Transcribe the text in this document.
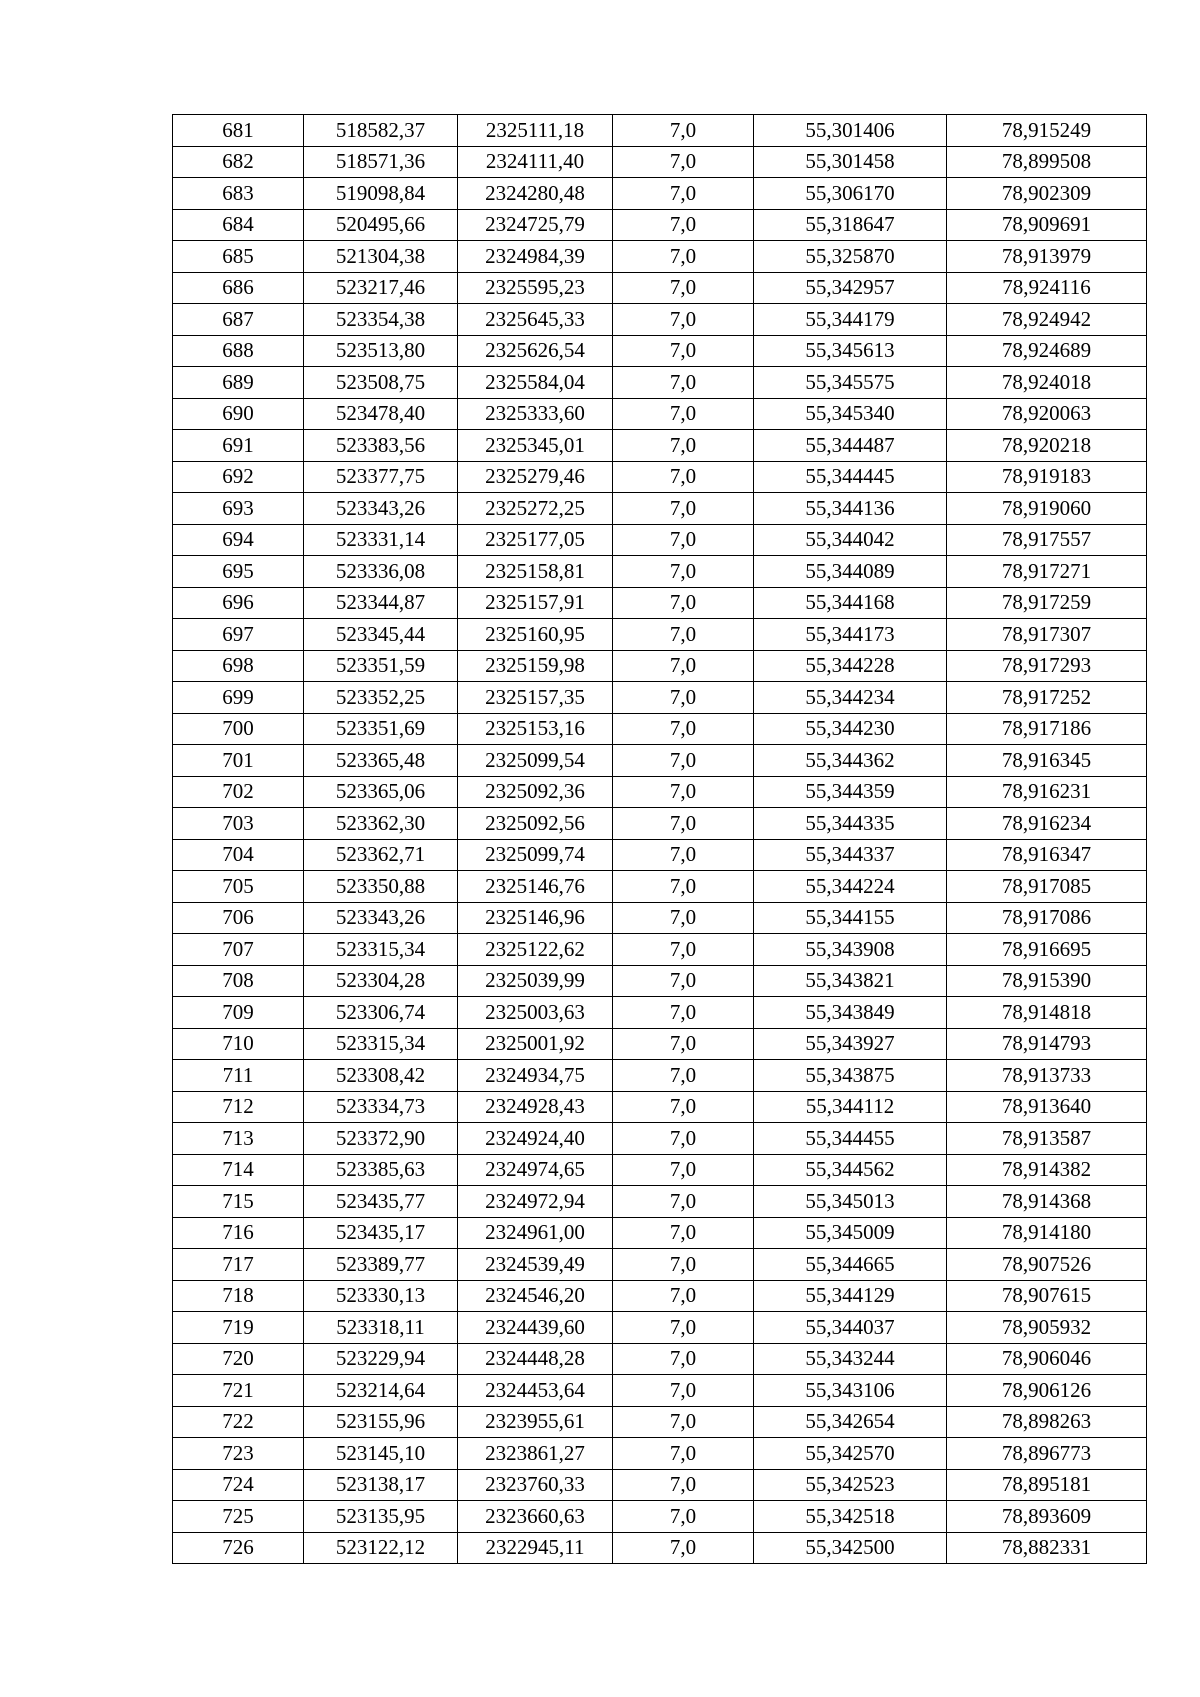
681	518582,37	2325111,18	7,0	55,301406	78,915249
682	518571,36	2324111,40	7,0	55,301458	78,899508
683	519098,84	2324280,48	7,0	55,306170	78,902309
684	520495,66	2324725,79	7,0	55,318647	78,909691
685	521304,38	2324984,39	7,0	55,325870	78,913979
686	523217,46	2325595,23	7,0	55,342957	78,924116
687	523354,38	2325645,33	7,0	55,344179	78,924942
688	523513,80	2325626,54	7,0	55,345613	78,924689
689	523508,75	2325584,04	7,0	55,345575	78,924018
690	523478,40	2325333,60	7,0	55,345340	78,920063
691	523383,56	2325345,01	7,0	55,344487	78,920218
692	523377,75	2325279,46	7,0	55,344445	78,919183
693	523343,26	2325272,25	7,0	55,344136	78,919060
694	523331,14	2325177,05	7,0	55,344042	78,917557
695	523336,08	2325158,81	7,0	55,344089	78,917271
696	523344,87	2325157,91	7,0	55,344168	78,917259
697	523345,44	2325160,95	7,0	55,344173	78,917307
698	523351,59	2325159,98	7,0	55,344228	78,917293
699	523352,25	2325157,35	7,0	55,344234	78,917252
700	523351,69	2325153,16	7,0	55,344230	78,917186
701	523365,48	2325099,54	7,0	55,344362	78,916345
702	523365,06	2325092,36	7,0	55,344359	78,916231
703	523362,30	2325092,56	7,0	55,344335	78,916234
704	523362,71	2325099,74	7,0	55,344337	78,916347
705	523350,88	2325146,76	7,0	55,344224	78,917085
706	523343,26	2325146,96	7,0	55,344155	78,917086
707	523315,34	2325122,62	7,0	55,343908	78,916695
708	523304,28	2325039,99	7,0	55,343821	78,915390
709	523306,74	2325003,63	7,0	55,343849	78,914818
710	523315,34	2325001,92	7,0	55,343927	78,914793
711	523308,42	2324934,75	7,0	55,343875	78,913733
712	523334,73	2324928,43	7,0	55,344112	78,913640
713	523372,90	2324924,40	7,0	55,344455	78,913587
714	523385,63	2324974,65	7,0	55,344562	78,914382
715	523435,77	2324972,94	7,0	55,345013	78,914368
716	523435,17	2324961,00	7,0	55,345009	78,914180
717	523389,77	2324539,49	7,0	55,344665	78,907526
718	523330,13	2324546,20	7,0	55,344129	78,907615
719	523318,11	2324439,60	7,0	55,344037	78,905932
720	523229,94	2324448,28	7,0	55,343244	78,906046
721	523214,64	2324453,64	7,0	55,343106	78,906126
722	523155,96	2323955,61	7,0	55,342654	78,898263
723	523145,10	2323861,27	7,0	55,342570	78,896773
724	523138,17	2323760,33	7,0	55,342523	78,895181
725	523135,95	2323660,63	7,0	55,342518	78,893609
726	523122,12	2322945,11	7,0	55,342500	78,882331
